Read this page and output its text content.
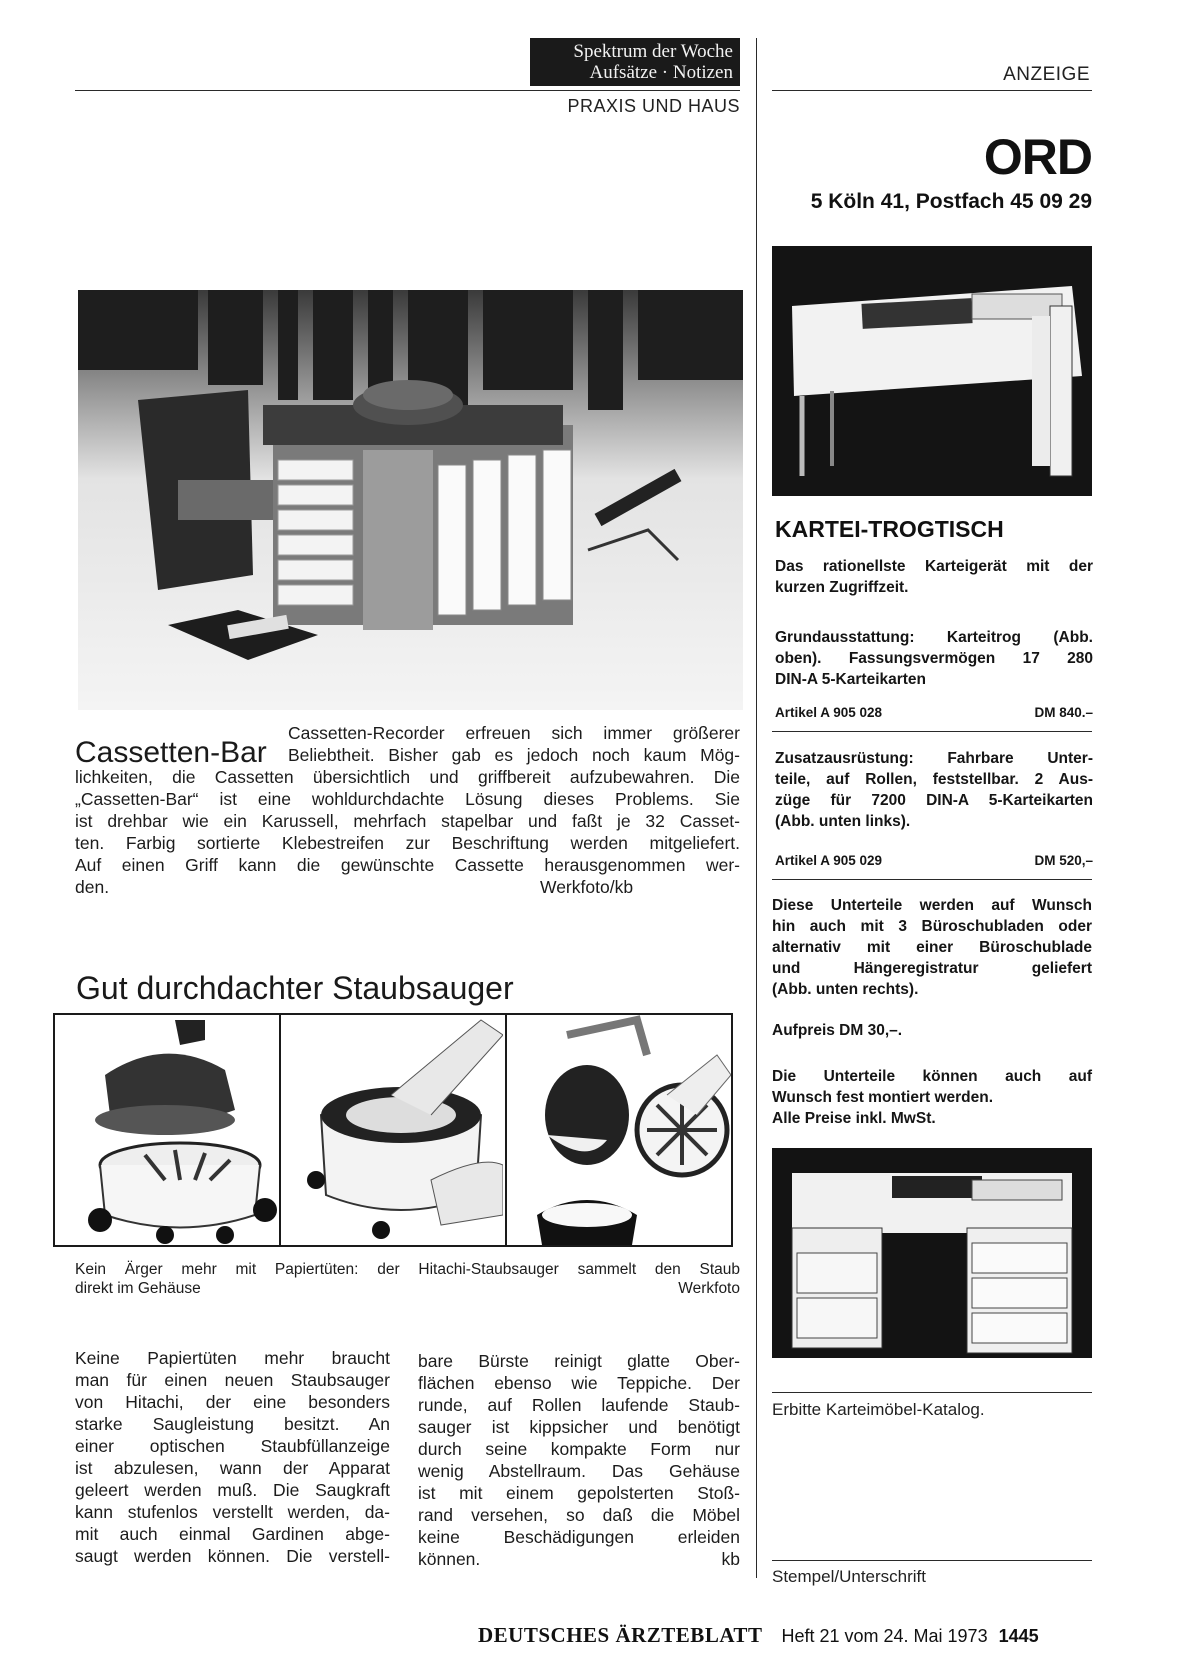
Spektrum der Woche
Aufsätze · Notizen
PRAXIS UND HAUS
ANZEIGE
Cassetten-Bar
Cassetten-Recorder erfreuen sich immer größerer
Beliebtheit. Bisher gab es jedoch noch kaum Mög-
lichkeiten, die Cassetten übersichtlich und griffbereit aufzubewahren. Die
„Cassetten-Bar“ ist eine wohldurchdachte Lösung dieses Problems. Sie
ist drehbar wie ein Karussell, mehrfach stapelbar und faßt je 32 Casset-
ten. Farbig sortierte Klebestreifen zur Beschriftung werden mitgeliefert.
Auf einen Griff kann die gewünschte Cassette herausgenommen wer-
den.	Werkfoto/kb
Gut durchdachter Staubsauger
Kein Ärger mehr mit Papiertüten: der Hitachi-Staubsauger sammelt den Staub
direkt im Gehäuse	Werkfoto
Keine Papiertüten mehr braucht
man für einen neuen Staubsauger
von Hitachi, der eine besonders
starke Saugleistung besitzt. An
einer optischen Staubfüllanzeige
ist abzulesen, wann der Apparat
geleert werden muß. Die Saugkraft
kann stufenlos verstellt werden, da-
mit auch einmal Gardinen abge-
saugt werden können. Die verstell-
bare Bürste reinigt glatte Ober-
flächen ebenso wie Teppiche. Der
runde, auf Rollen laufende Staub-
sauger ist kippsicher und benötigt
durch seine kompakte Form nur
wenig Abstellraum. Das Gehäuse
ist mit einem gepolsterten Stoß-
rand versehen, so daß die Möbel
keine Beschädigungen erleiden
können.	kb
ORD
5 Köln 41, Postfach 45 09 29
KARTEI-TROGTISCH
Das rationellste Karteigerät mit der
kurzen Zugriffzeit.
Grundausstattung: Karteitrog (Abb.
oben). Fassungsvermögen 17 280
DIN-A 5-Karteikarten
Artikel A 905 028	DM 840.–
Zusatzausrüstung: Fahrbare Unter-
teile, auf Rollen, feststellbar. 2 Aus-
züge für 7200 DIN-A 5-Karteikarten
(Abb. unten links).
Artikel A 905 029	DM 520,–
Diese Unterteile werden auf Wunsch
hin auch mit 3 Büroschubladen oder
alternativ mit einer Büroschublade
und Hängeregistratur geliefert
(Abb. unten rechts).
Aufpreis DM 30,–.
Die Unterteile können auch auf
Wunsch fest montiert werden.
Alle Preise inkl. MwSt.
Erbitte Karteimöbel-Katalog.
Stempel/Unterschrift
DEUTSCHES ÄRZTEBLATT Heft 21 vom 24. Mai 1973 1445
